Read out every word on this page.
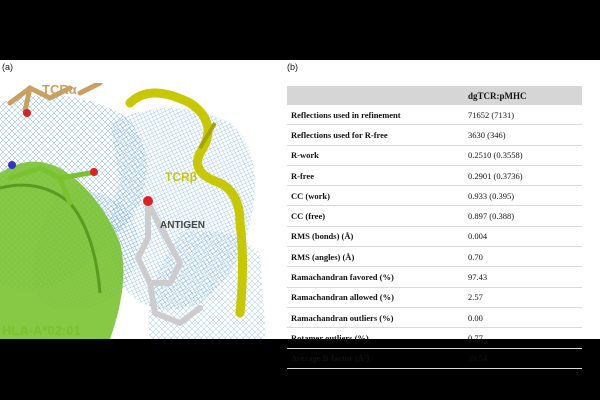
(a)	(b)
TCRα
TCRβ
ANTIGEN
HLA-A*02:01
	dgTCR:pMHC
Reflections used in refinement	71652 (7131)
Reflections used for R-free	3630 (346)
R-work	0.2510 (0.3558)
R-free	0.2901 (0.3736)
CC (work)	0.933 (0.395)
CC (free)	0.897 (0.388)
RMS (bonds) (Å)	0.004
RMS (angles) (Å)	0.70
Ramachandran favored (%)	97.43
Ramachandran allowed (%)	2.57
Ramachandran outliers (%)	0.00
Rotamer outliers (%)	0.77
Average B-factor (Å²)	39.54
